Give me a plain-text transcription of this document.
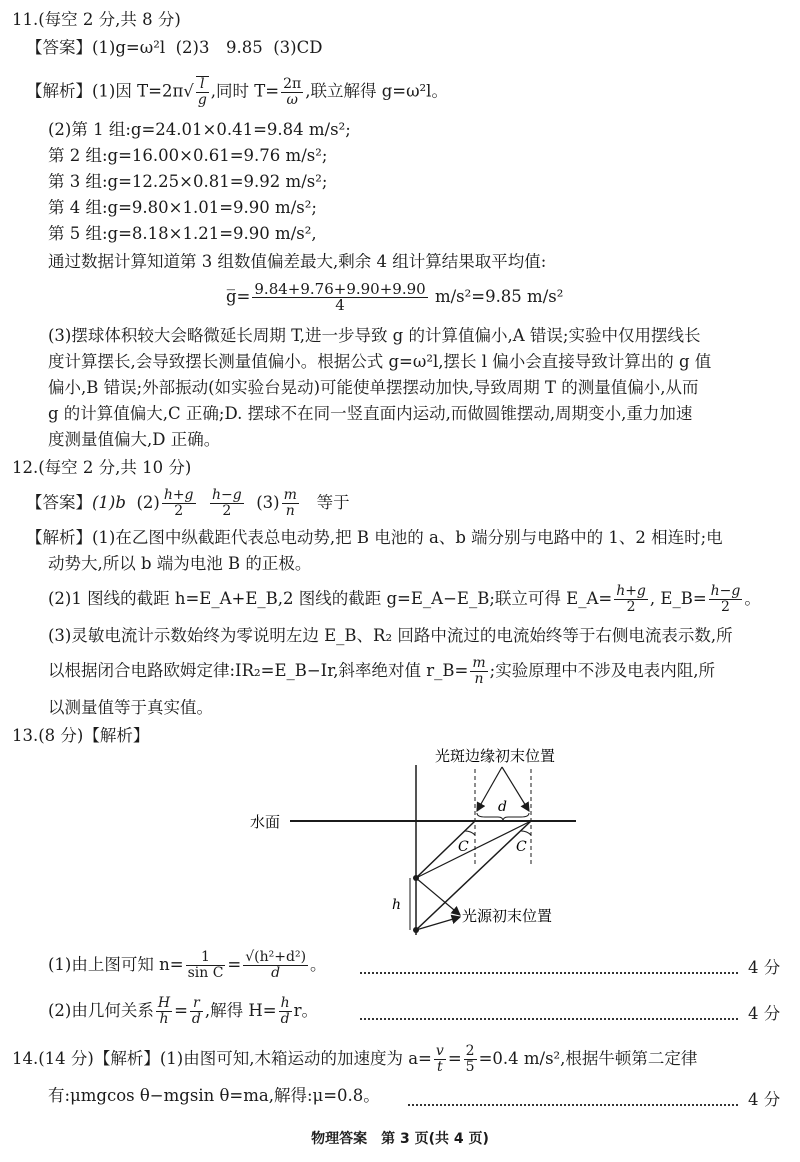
11.(每空 2 分,共 8 分)
【答案】(1)g=ω²l (2)3　9.85 (3)CD
【解析】(1)因 $T=2\pi√ \frac{l}{g}$ ,同时 $T= \frac{2\pi}{\omega}$ ,联立解得 g=ω²l。
(2)第 1 组:g=24.01×0.41=9.84 m/s²;
第 2 组:g=16.00×0.61=9.76 m/s²;
第 3 组:g=12.25×0.81=9.92 m/s²;
第 4 组:g=9.80×1.01=9.90 m/s²;
第 5 组:g=8.18×1.21=9.90 m/s²,
通过数据计算知道第 3 组数值偏差最大,剩余 4 组计算结果取平均值:
g̅= $\frac{9.84+9.76+9.90+9.90}{4} m/s^2=9.85$ m/s²
(3)摆球体积较大会略微延长周期 T,进一步导致 g 的计算值偏小,A 错误;实验中仅用摆线长
度计算摆长,会导致摆长测量值偏小。根据公式 g=ω²l,摆长 l 偏小会直接导致计算出的 g 值
偏小,B 错误;外部振动(如实验台晃动)可能使单摆摆动加快,导致周期 T 的测量值偏小,从而
g 的计算值偏大,C 正确;D. 摆球不在同一竖直面内运动,而做圆锥摆动,周期变小,重力加速
度测量值偏大,D 正确。
12.(每空 2 分,共 10 分)
【答案】(1)b $(2) \frac{h+g}{2}$
$\frac{h-g}{2} (3) \frac{m}{n}$ 等于
【解析】(1)在乙图中纵截距代表总电动势,把 B 电池的 a、b 端分别与电路中的 1、2 相连时;电
动势大,所以 b 端为电池 B 的正极。
(2)1 图线的截距 h=E_A+E_B,2 图线的截距 g=E_A−E_B;联立可得 E_A= $\frac{h+g}{2}$ , E_B= $\frac{h-g}{2}$ 。
(3)灵敏电流计示数始终为零说明左边 E_B、R₂ 回路中流过的电流始终等于右侧电流表示数,所
以根据闭合电路欧姆定律:IR₂=E_B−Ir,斜率绝对值 r_B= $\frac{m}{n}$ ;实验原理中不涉及电表内阻,所
以测量值等于真实值。
13.(8 分)【解析】
光斑边缘初末位置
水面
d
C	C
h
光源初末位置
(1)由上图可知 $n= \frac{1}{\text{sin C}} = \frac{\text{√(h²+d²)}}{d}$ 。	4 分
(2)由几何关系 $\frac{H}{h} = \frac{r}{d}$ ,解得 $H= \frac{h}{d}$ r。	4 分
14.(14 分)【解析】(1)由图可知,木箱运动的加速度为 $a= \frac{v}{t} = \frac{2}{5} =0.4$ m/s²,根据牛顿第二定律
有:μmgcos θ−mgsin θ=ma,解得:μ=0.8。	4 分
物理答案　第 3 页(共 4 页)
